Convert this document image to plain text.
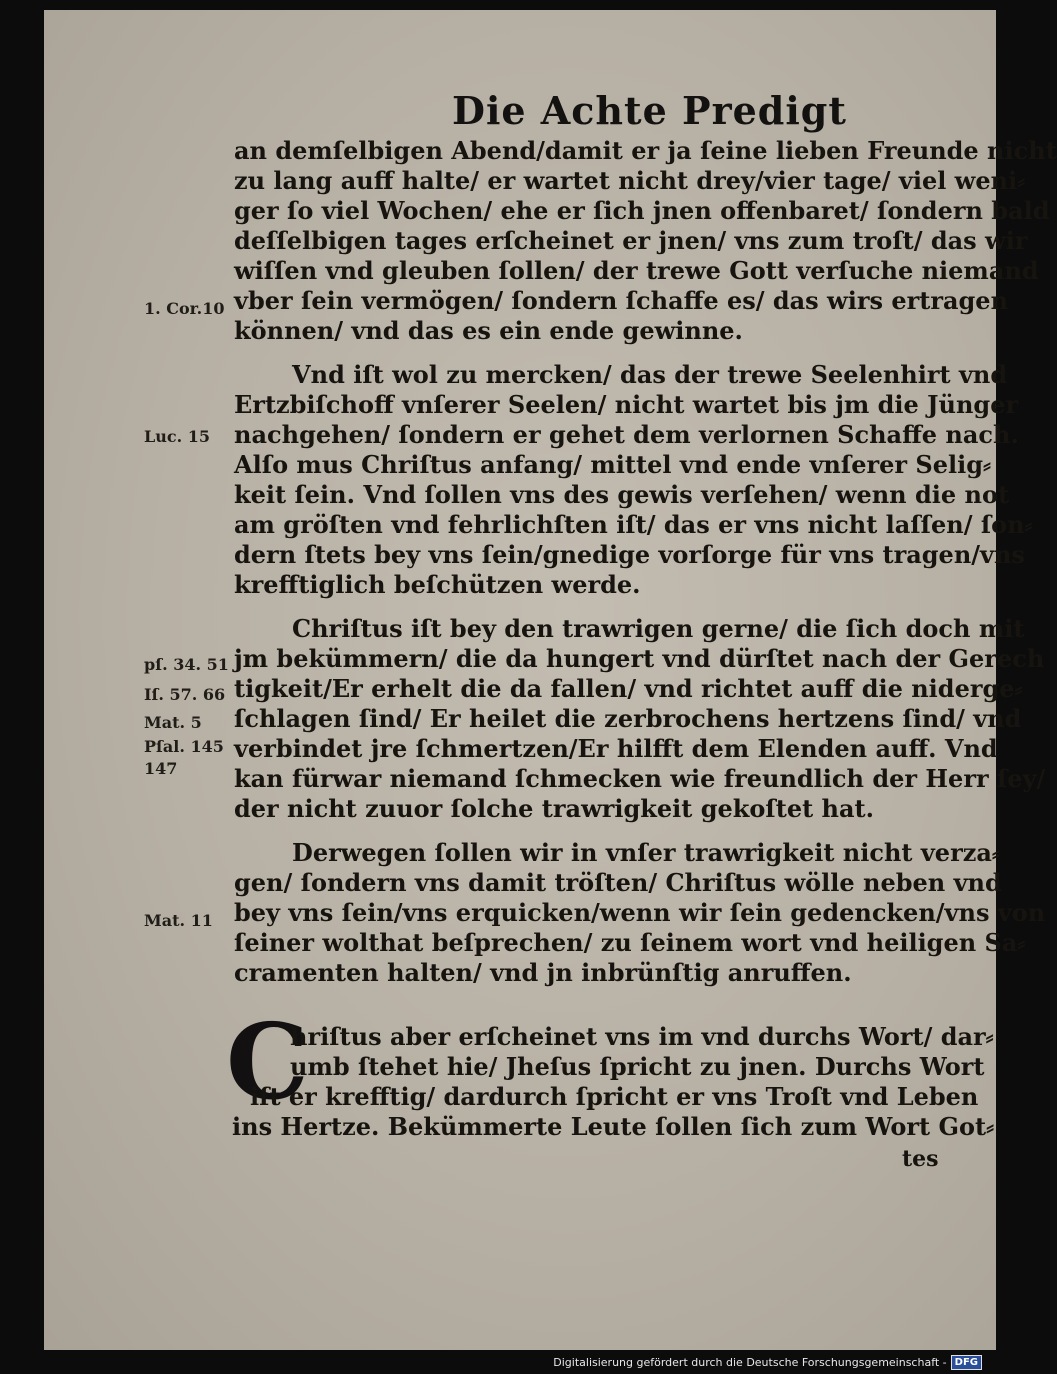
Die Achte Predigt
an demſelbigen Abend/damit er ja ſeine lieben Freunde nicht
zu lang auff halte/ er wartet nicht drey/vier tage/ viel weni⸗
ger ſo viel Wochen/ ehe er ſich jnen offenbaret/ ſondern bald
deſſelbigen tages erſcheinet er jnen/ vns zum troſt/ das wir
wiſſen vnd gleuben ſollen/ der trewe Gott verſuche niemand
vber ſein vermögen/ ſondern ſchaffe es/ das wirs ertragen
können/ vnd das es ein ende gewinne.
Vnd iſt wol zu mercken/ das der trewe Seelenhirt vnd
Ertzbiſchoff vnſerer Seelen/ nicht wartet bis jm die Jünger
nachgehen/ ſondern er gehet dem verlornen Schaffe nach.
Alſo mus Chriſtus anfang/ mittel vnd ende vnſerer Selig⸗
keit ſein. Vnd ſollen vns des gewis verſehen/ wenn die not
am gröſten vnd fehrlichſten iſt/ das er vns nicht laſſen/ ſon⸗
dern ſtets bey vns ſein/gnedige vorſorge für vns tragen/vns
krefftiglich beſchützen werde.
Chriſtus iſt bey den trawrigen gerne/ die ſich doch mit
jm bekümmern/ die da hungert vnd dürſtet nach der Gerech
tigkeit/Er erhelt die da fallen/ vnd richtet auff die niderge⸗
ſchlagen ſind/ Er heilet die zerbrochens hertzens ſind/ vnd
verbindet jre ſchmertzen/Er hilfft dem Elenden auff. Vnd
kan fürwar niemand ſchmecken wie freundlich der Herr ſey/
der nicht zuuor ſolche trawrigkeit gekoſtet hat.
Derwegen ſollen wir in vnſer trawrigkeit nicht verza⸗
gen/ ſondern vns damit tröſten/ Chriſtus wölle neben vnd
bey vns ſein/vns erquicken/wenn wir ſein gedencken/vns von
ſeiner wolthat beſprechen/ zu ſeinem wort vnd heiligen Sa⸗
cramenten halten/ vnd jn inbrünſtig anruffen.
1. Cor.10
Luc. 15
pſ. 34. 51
Iſ. 57. 66
Mat. 5
Pſal. 145
147
Mat. 11
C
hriſtus aber erſcheinet vns im vnd durchs Wort/ dar⸗
umb ſtehet hie/ Jheſus ſpricht zu jnen. Durchs Wort
iſt er krefftig/ dardurch ſpricht er vns Troſt vnd Leben
ins Hertze. Bekümmerte Leute ſollen ſich zum Wort Got⸗
tes
Digitalisierung gefördert durch die Deutsche Forschungsgemeinschaft - DFG
